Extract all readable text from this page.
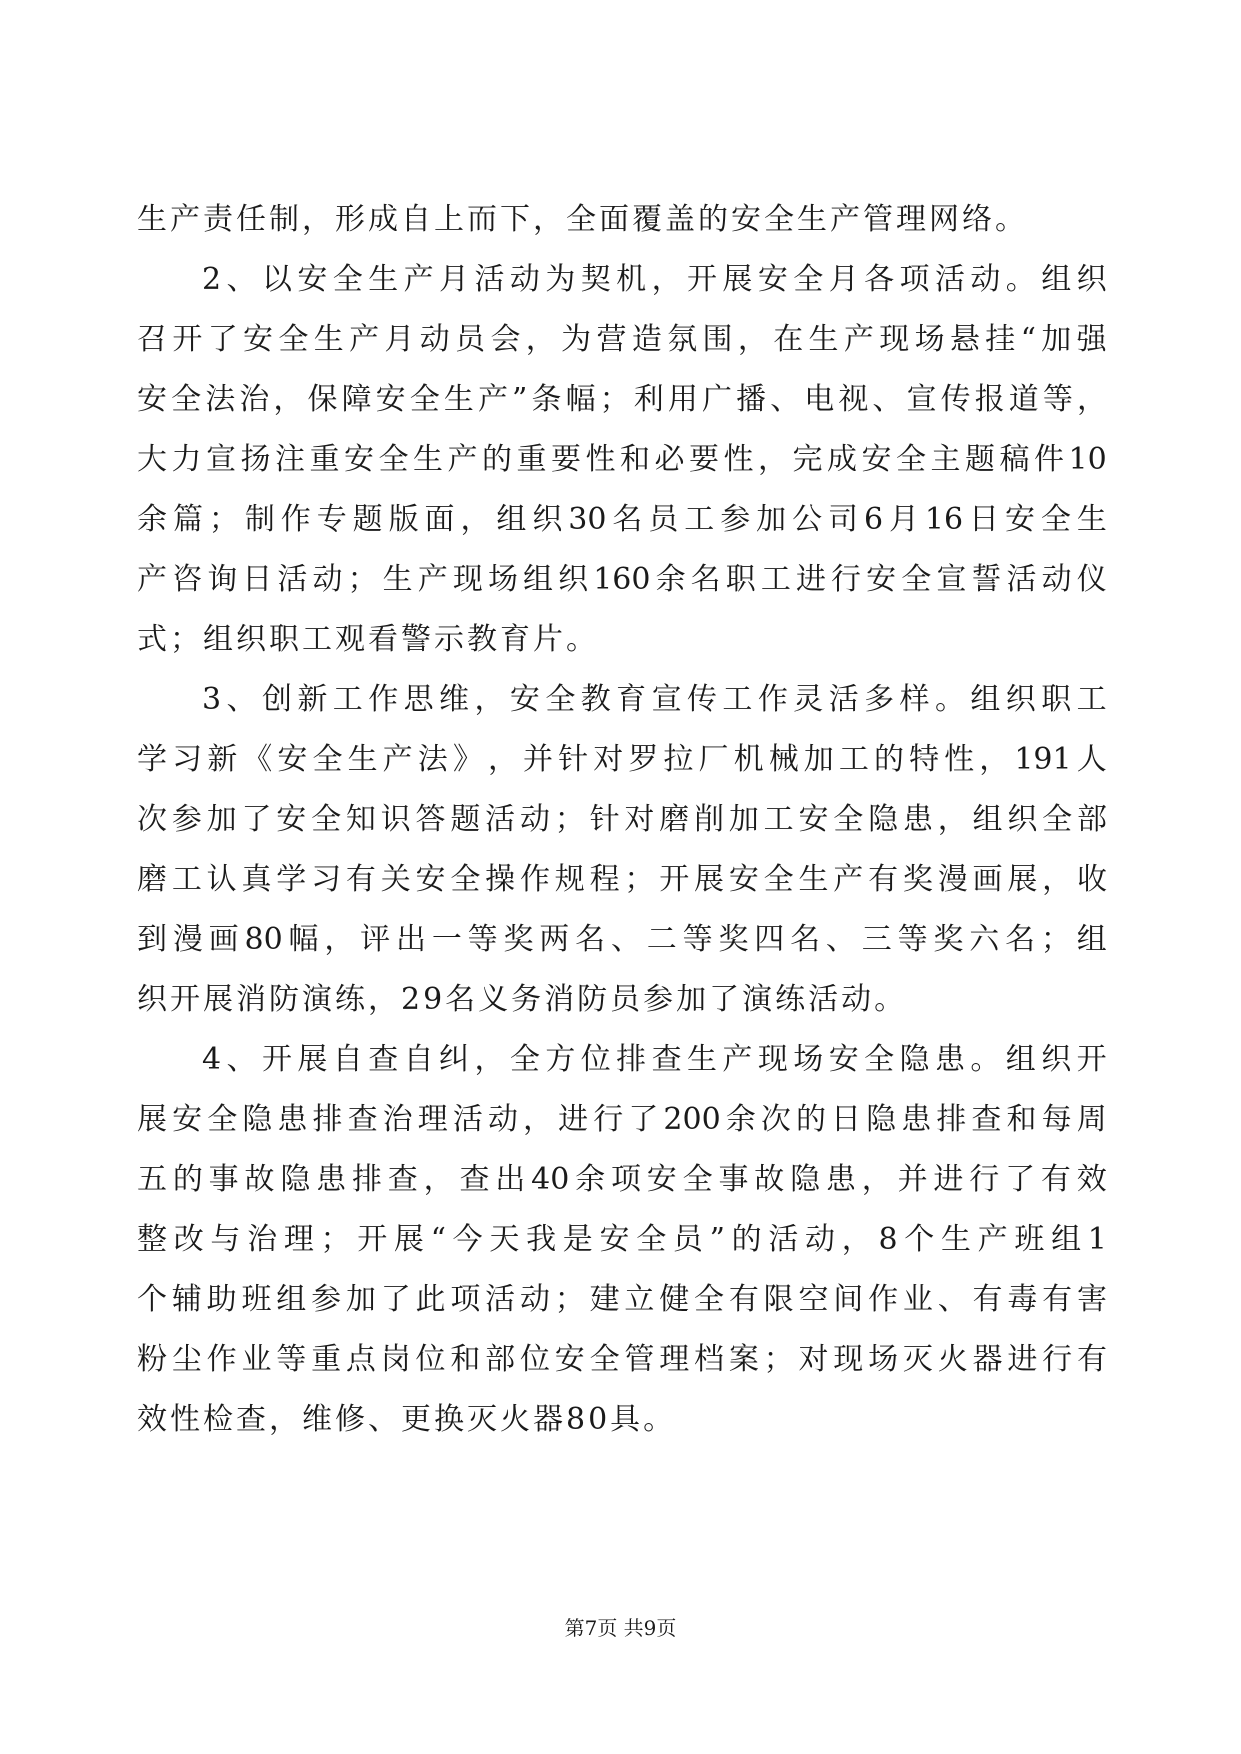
生产责任制，形成自上而下，全面覆盖的安全生产管理网络。
2 、 以 安 全 生 产 月 活 动 为 契 机 ， 开 展 安 全 月 各 项 活 动 。 组 织
召 开 了 安 全 生 产 月 动 员 会 ， 为 营 造 氛 围 ， 在 生 产 现 场 悬 挂 “ 加 强
安 全 法 治 ， 保 障 安 全 生 产 ” 条 幅 ； 利 用 广 播 、 电 视 、 宣 传 报 道 等 ，
大 力 宣 扬 注 重 安 全 生 产 的 重 要 性 和 必 要 性 ， 完 成 安 全 主 题 稿 件 10
余 篇 ； 制 作 专 题 版 面 ， 组 织 30 名 员 工 参 加 公 司 6 月 16 日 安 全 生
产 咨 询 日 活 动 ； 生 产 现 场 组 织 160 余 名 职 工 进 行 安 全 宣 誓 活 动 仪
式；组织职工观看警示教育片。
3 、 创 新 工 作 思 维 ， 安 全 教 育 宣 传 工 作 灵 活 多 样 。 组 织 职 工
学 习 新 《 安 全 生 产 法 》 ， 并 针 对 罗 拉 厂 机 械 加 工 的 特 性 ， 191 人
次 参 加 了 安 全 知 识 答 题 活 动 ； 针 对 磨 削 加 工 安 全 隐 患 ， 组 织 全 部
磨 工 认 真 学 习 有 关 安 全 操 作 规 程 ； 开 展 安 全 生 产 有 奖 漫 画 展 ， 收
到 漫 画 80 幅 ， 评 出 一 等 奖 两 名 、 二 等 奖 四 名 、 三 等 奖 六 名 ； 组
织开展消防演练，29名义务消防员参加了演练活动。
4 、 开 展 自 查 自 纠 ， 全 方 位 排 查 生 产 现 场 安 全 隐 患 。 组 织 开
展 安 全 隐 患 排 查 治 理 活 动 ， 进 行 了 200 余 次 的 日 隐 患 排 查 和 每 周
五 的 事 故 隐 患 排 查 ， 查 出 40 余 项 安 全 事 故 隐 患 ， 并 进 行 了 有 效
整 改 与 治 理 ； 开 展 “ 今 天 我 是 安 全 员 ” 的 活 动 ， 8 个 生 产 班 组 1
个 辅 助 班 组 参 加 了 此 项 活 动 ； 建 立 健 全 有 限 空 间 作 业 、 有 毒 有 害
粉 尘 作 业 等 重 点 岗 位 和 部 位 安 全 管 理 档 案 ； 对 现 场 灭 火 器 进 行 有
效性检查，维修、更换灭火器80具。
第7页 共9页
